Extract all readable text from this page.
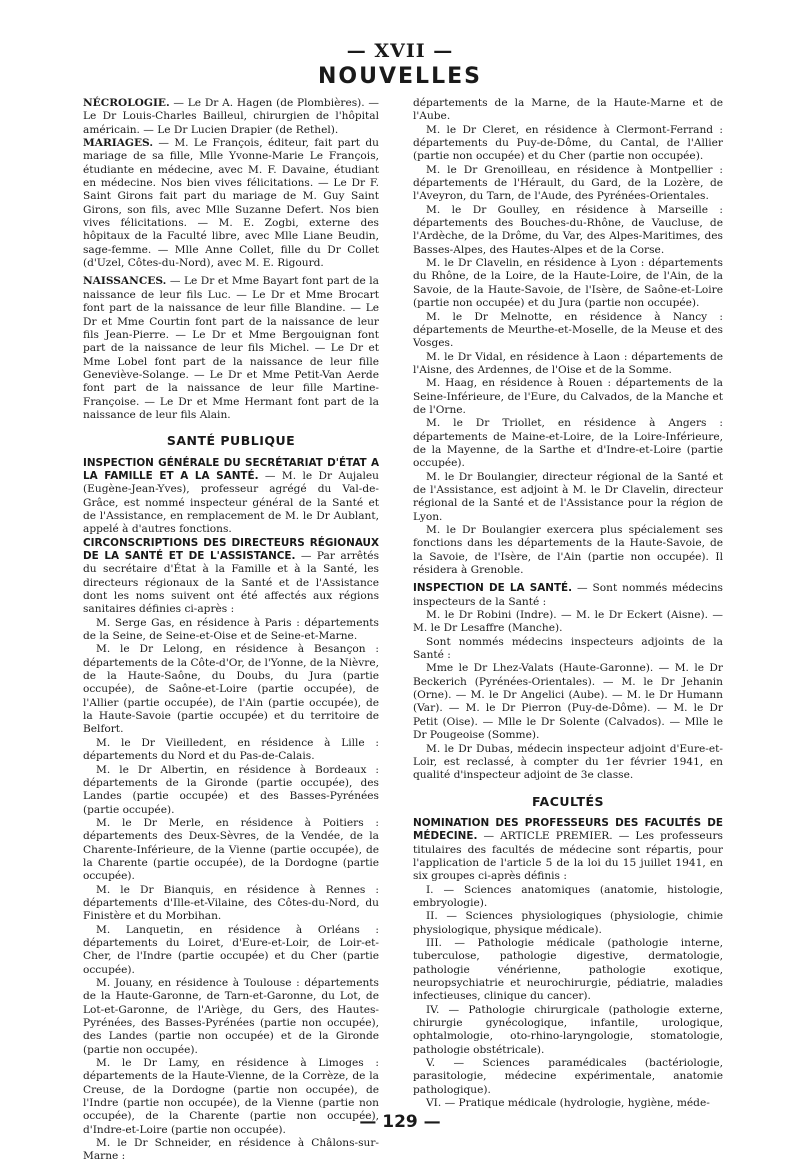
— XVII —
NOUVELLES

NÉCROLOGIE. — Le Dr A. Hagen (de Plombières). — Le Dr Louis-Charles Bailleul, chirurgien de l'hôpital américain. — Le Dr Lucien Drapier (de Rethel).

MARIAGES. — M. Le François, éditeur, fait part du mariage de sa fille, Mlle Yvonne-Marie Le François, étudiante en médecine, avec M. F. Davaine, étudiant en médecine. Nos bien vives félicitations. — Le Dr F. Saint Girons fait part du mariage de M. Guy Saint Girons, son fils, avec Mlle Suzanne Defert. Nos bien vives félicitations. — M. E. Zogbi, externe des hôpitaux de la Faculté libre, avec Mlle Liane Beudin, sage-femme. — Mlle Anne Collet, fille du Dr Collet (d'Uzel, Côtes-du-Nord), avec M. E. Rigourd.

NAISSANCES. — Le Dr et Mme Bayart font part de la naissance de leur fils Luc. — Le Dr et Mme Brocart font part de la naissance de leur fille Blandine. — Le Dr et Mme Courtin font part de la naissance de leur fils Jean-Pierre. — Le Dr et Mme Bergouignan font part de la naissance de leur fils Michel. — Le Dr et Mme Lobel font part de la naissance de leur fille Geneviève-Solange. — Le Dr et Mme Petit-Van Aerde font part de la naissance de leur fille Martine-Françoise. — Le Dr et Mme Hermant font part de la naissance de leur fils Alain.

SANTÉ PUBLIQUE

INSPECTION GÉNÉRALE DU SECRÉTARIAT D'ÉTAT A LA FAMILLE ET A LA SANTÉ. — M. le Dr Aujaleu (Eugène-Jean-Yves), professeur agrégé du Val-de-Grâce, est nommé inspecteur général de la Santé et de l'Assistance, en remplacement de M. le Dr Aublant, appelé à d'autres fonctions.

CIRCONSCRIPTIONS DES DIRECTEURS RÉGIONAUX DE LA SANTÉ ET DE L'ASSISTANCE. — Par arrêtés du secrétaire d'État à la Famille et à la Santé, les directeurs régionaux de la Santé et de l'Assistance dont les noms suivent ont été affectés aux régions sanitaires définies ci-après :

M. Serge Gas, en résidence à Paris : départements de la Seine, de Seine-et-Oise et de Seine-et-Marne.

M. le Dr Lelong, en résidence à Besançon : départements de la Côte-d'Or, de l'Yonne, de la Nièvre, de la Haute-Saône, du Doubs, du Jura (partie occupée), de Saône-et-Loire (partie occupée), de l'Allier (partie occupée), de l'Ain (partie occupée), de la Haute-Savoie (partie occupée) et du territoire de Belfort.

M. le Dr Vieilledent, en résidence à Lille : départements du Nord et du Pas-de-Calais.

M. le Dr Albertin, en résidence à Bordeaux : départements de la Gironde (partie occupée), des Landes (partie occupée) et des Basses-Pyrénées (partie occupée).

M. le Dr Merle, en résidence à Poitiers : départements des Deux-Sèvres, de la Vendée, de la Charente-Inférieure, de la Vienne (partie occupée), de la Charente (partie occupée), de la Dordogne (partie occupée).

M. le Dr Bianquis, en résidence à Rennes : départements d'Ille-et-Vilaine, des Côtes-du-Nord, du Finistère et du Morbihan.

M. Lanquetin, en résidence à Orléans : départements du Loiret, d'Eure-et-Loir, de Loir-et-Cher, de l'Indre (partie occupée) et du Cher (partie occupée).

M. Jouany, en résidence à Toulouse : départements de la Haute-Garonne, de Tarn-et-Garonne, du Lot, de Lot-et-Garonne, de l'Ariège, du Gers, des Hautes-Pyrénées, des Basses-Pyrénées (partie non occupée), des Landes (partie non occupée) et de la Gironde (partie non occupée).

M. le Dr Lamy, en résidence à Limoges : départements de la Haute-Vienne, de la Corrèze, de la Creuse, de la Dordogne (partie non occupée), de l'Indre (partie non occupée), de la Vienne (partie non occupée), de la Charente (partie non occupée), d'Indre-et-Loire (partie non occupée).

M. le Dr Schneider, en résidence à Châlons-sur-Marne :

départements de la Marne, de la Haute-Marne et de l'Aube.

M. le Dr Cleret, en résidence à Clermont-Ferrand : départements du Puy-de-Dôme, du Cantal, de l'Allier (partie non occupée) et du Cher (partie non occupée).

M. le Dr Grenoilleau, en résidence à Montpellier : départements de l'Hérault, du Gard, de la Lozère, de l'Aveyron, du Tarn, de l'Aude, des Pyrénées-Orientales.

M. le Dr Goulley, en résidence à Marseille : départements des Bouches-du-Rhône, de Vaucluse, de l'Ardèche, de la Drôme, du Var, des Alpes-Maritimes, des Basses-Alpes, des Hautes-Alpes et de la Corse.

M. le Dr Clavelin, en résidence à Lyon : départements du Rhône, de la Loire, de la Haute-Loire, de l'Ain, de la Savoie, de la Haute-Savoie, de l'Isère, de Saône-et-Loire (partie non occupée) et du Jura (partie non occupée).

M. le Dr Melnotte, en résidence à Nancy : départements de Meurthe-et-Moselle, de la Meuse et des Vosges.

M. le Dr Vidal, en résidence à Laon : départements de l'Aisne, des Ardennes, de l'Oise et de la Somme.

M. Haag, en résidence à Rouen : départements de la Seine-Inférieure, de l'Eure, du Calvados, de la Manche et de l'Orne.

M. le Dr Triollet, en résidence à Angers : départements de Maine-et-Loire, de la Loire-Inférieure, de la Mayenne, de la Sarthe et d'Indre-et-Loire (partie occupée).

M. le Dr Boulangier, directeur régional de la Santé et de l'Assistance, est adjoint à M. le Dr Clavelin, directeur régional de la Santé et de l'Assistance pour la région de Lyon.

M. le Dr Boulangier exercera plus spécialement ses fonctions dans les départements de la Haute-Savoie, de la Savoie, de l'Isère, de l'Ain (partie non occupée). Il résidera à Grenoble.

INSPECTION DE LA SANTÉ. — Sont nommés médecins inspecteurs de la Santé :

M. le Dr Robini (Indre). — M. le Dr Eckert (Aisne). — M. le Dr Lesaffre (Manche).

Sont nommés médecins inspecteurs adjoints de la Santé :

Mme le Dr Lhez-Valats (Haute-Garonne). — M. le Dr Beckerich (Pyrénées-Orientales). — M. le Dr Jehanin (Orne). — M. le Dr Angelici (Aube). — M. le Dr Humann (Var). — M. le Dr Pierron (Puy-de-Dôme). — M. le Dr Petit (Oise). — Mlle le Dr Solente (Calvados). — Mlle le Dr Pougeoise (Somme).

M. le Dr Dubas, médecin inspecteur adjoint d'Eure-et-Loir, est reclassé, à compter du 1er février 1941, en qualité d'inspecteur adjoint de 3e classe.

FACULTÉS

NOMINATION DES PROFESSEURS DES FACULTÉS DE MÉDECINE. — ARTICLE PREMIER. — Les professeurs titulaires des facultés de médecine sont répartis, pour l'application de l'article 5 de la loi du 15 juillet 1941, en six groupes ci-après définis :

I. — Sciences anatomiques (anatomie, histologie, embryologie).

II. — Sciences physiologiques (physiologie, chimie physiologique, physique médicale).

III. — Pathologie médicale (pathologie interne, tuberculose, pathologie digestive, dermatologie, pathologie vénérienne, pathologie exotique, neuropsychiatrie et neurochirurgie, pédiatrie, maladies infectieuses, clinique du cancer).

IV. — Pathologie chirurgicale (pathologie externe, chirurgie gynécologique, infantile, urologique, ophtalmologie, oto-rhino-laryngologie, stomatologie, pathologie obstétricale).

V. — Sciences paramédicales (bactériologie, parasitologie, médecine expérimentale, anatomie pathologique).

VI. — Pratique médicale (hydrologie, hygiène, méde-

— 129 —
